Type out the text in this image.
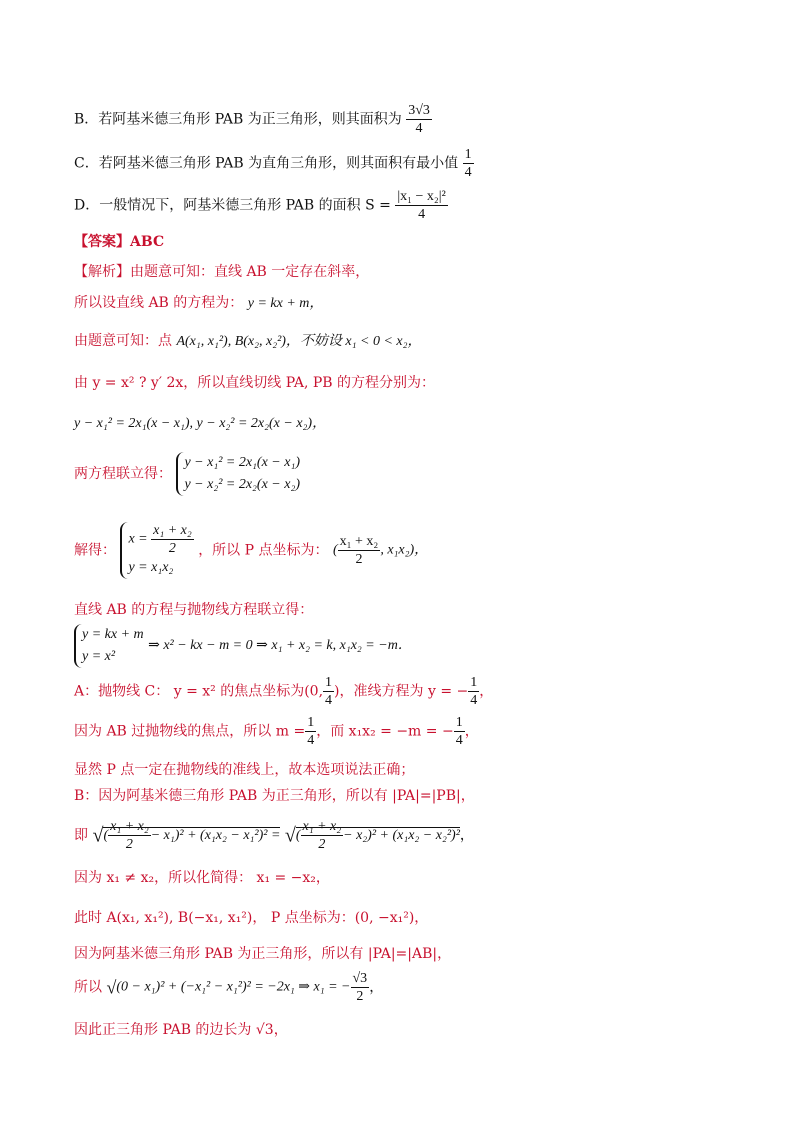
B．若阿基米德三角形 PAB 为正三角形，则其面积为 $\frac{3√3}{4}$
C．若阿基米德三角形 PAB 为直角三角形，则其面积有最小值 $\frac{1}{4}$
D．一般情况下，阿基米德三角形 PAB 的面积 $S = \frac{\text{|x₁ − x₂|²}}{4}$
【答案】ABC
【解析】由题意可知：直线 AB 一定存在斜率，
所以设直线 AB 的方程为： y = kx + m，
由题意可知：点 A(x₁, x₁²), B(x₂, x₂²)，不妨设 x₁ < 0 < x₂，
由 y = x² ? y′ 2x，所以直线切线 PA, PB 的方程分别为：
y − x₁² = 2x₁(x − x₁), y − x₂² = 2x₂(x − x₂)，
两方程联立得：
y − x₁² = 2x₁(x − x₁)
y − x₂² = 2x₂(x − x₂)
解得：
$x = \frac{\text{x₁ + x₂}}{2}$
y = x₁x₂
，所以 P 点坐标为： ( $\frac{\text{x₁ + x₂}}{2}$ , x₁x₂)，
直线 AB 的方程与抛物线方程联立得：
y = kx + m
y = x²
⇒ x² − kx − m = 0 ⇒ x₁ + x₂ = k, x₁x₂ = −m．
A：抛物线 C： y = x² 的焦点坐标为(0, $\frac{1}{4}$ )，准线方程为 y = − $\frac{1}{4}$ ，
因为 AB 过抛物线的焦点，所以 $m = \frac{1}{4}$ ，而 x₁x₂ = −m = − $\frac{1}{4}$ ，
显然 P 点一定在抛物线的准线上，故本选项说法正确；
B：因为阿基米德三角形 PAB 为正三角形，所以有 |PA|=|PB|，
即 √( $\frac{\text{x₁ + x₂}}{2} - x_1)^2 + (x_1x_2 - x_1^2)^2$ = √( $\frac{\text{x₁ + x₂}}{2} - x_2)^2 + (x_1x_2 - x_2^2)^2$，
因为 x₁ ≠ x₂，所以化简得： x₁ = −x₂，
此时 A(x₁, x₁²), B(−x₁, x₁²)， P 点坐标为：(0, −x₁²)，
因为阿基米德三角形 PAB 为正三角形，所以有 |PA|=|AB|，
所以 √(0 − x₁)² + (−x₁² − x₁²)² = −2x₁ ⇒ x₁ = − $\frac{√3}{2}$ ，
因此正三角形 PAB 的边长为 √3，
